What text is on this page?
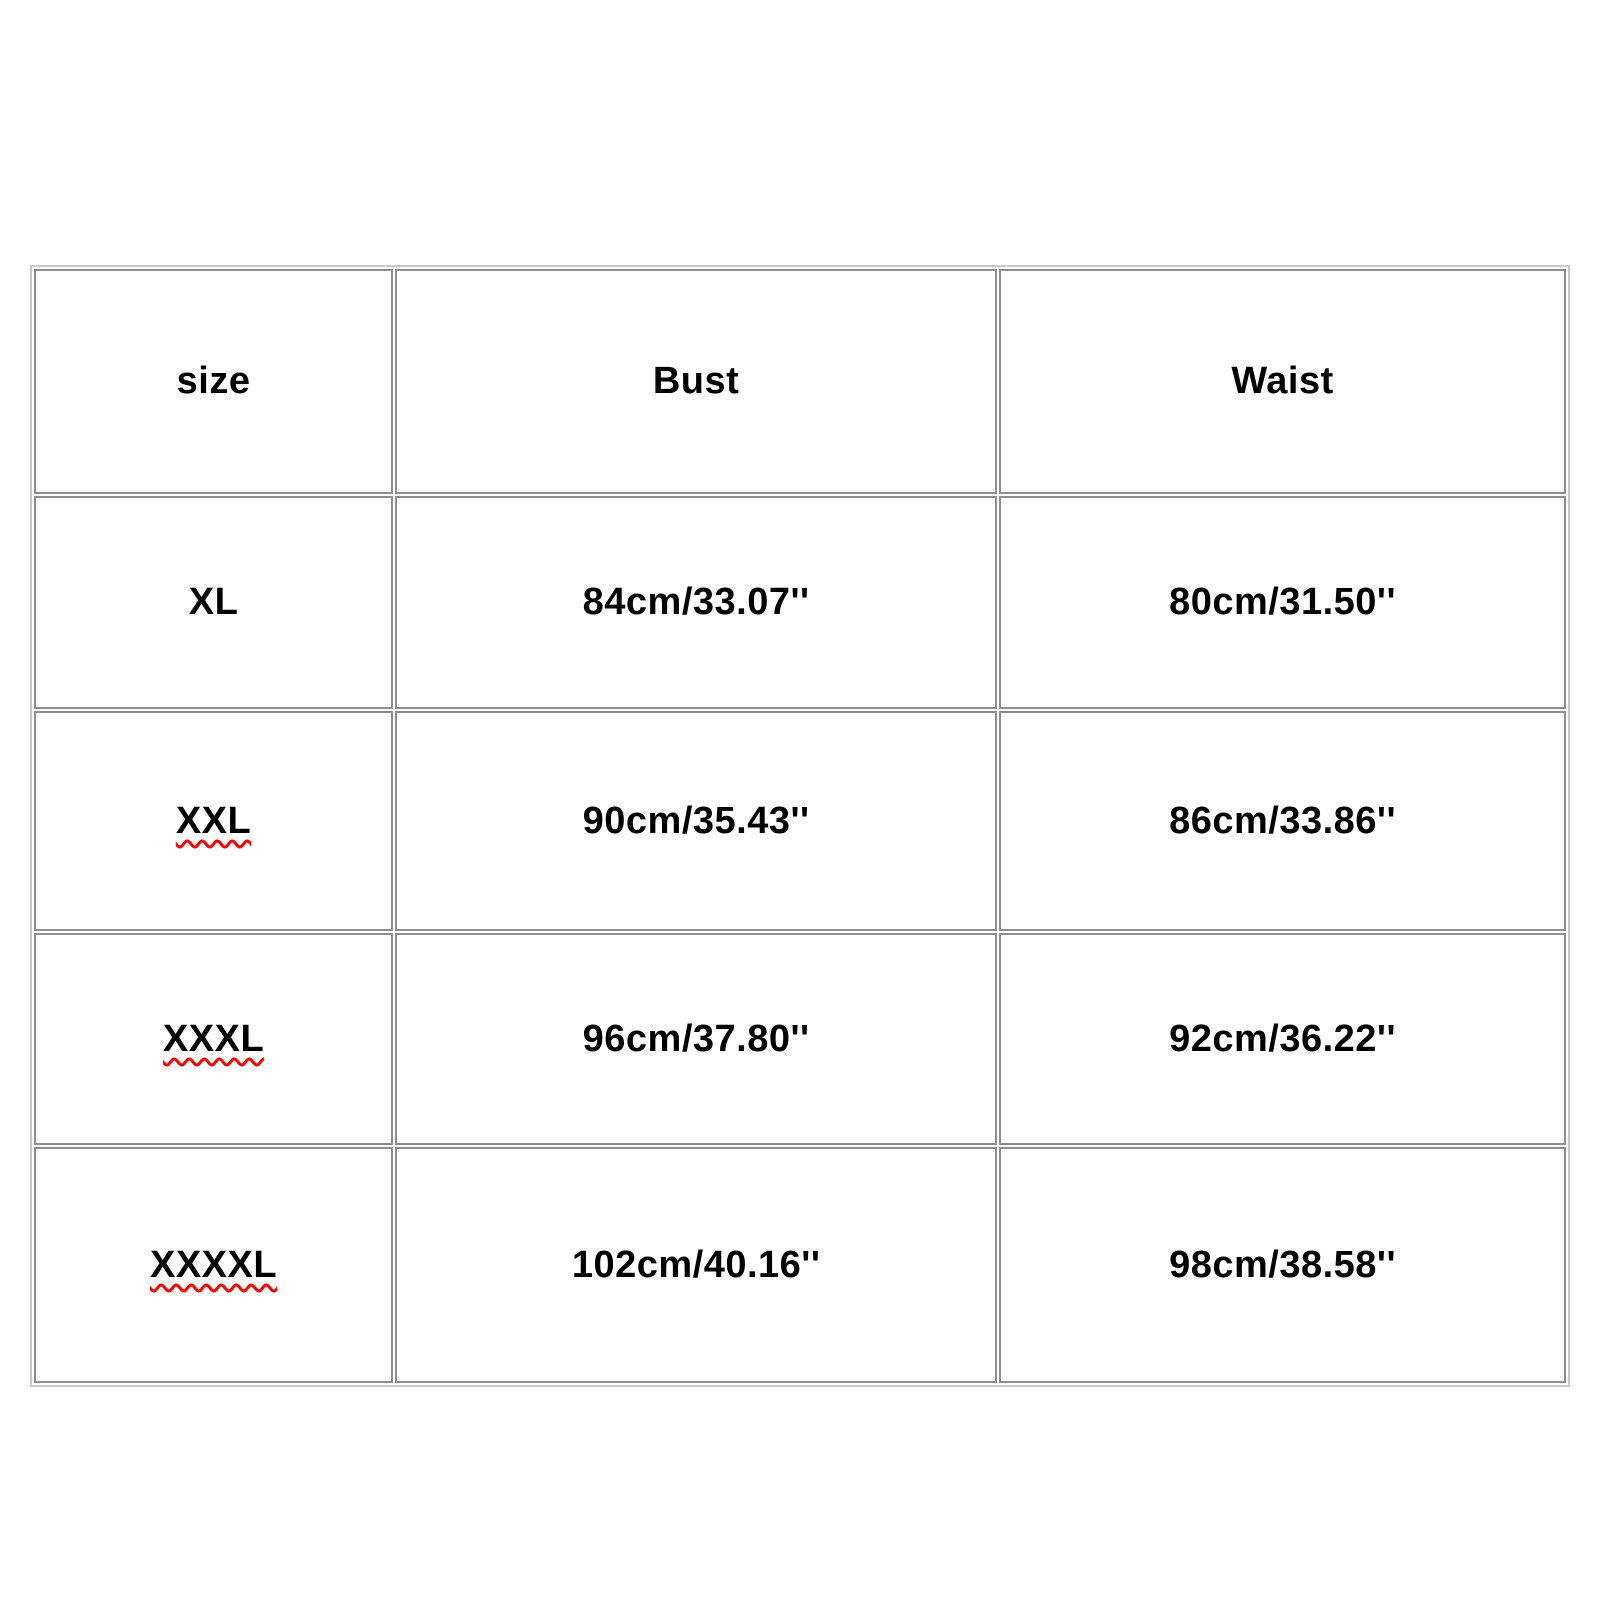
size	Bust	Waist
XL	84cm/33.07''	80cm/31.50''
XXL	90cm/35.43''	86cm/33.86''
XXXL	96cm/37.80''	92cm/36.22''
XXXXL	102cm/40.16''	98cm/38.58''
